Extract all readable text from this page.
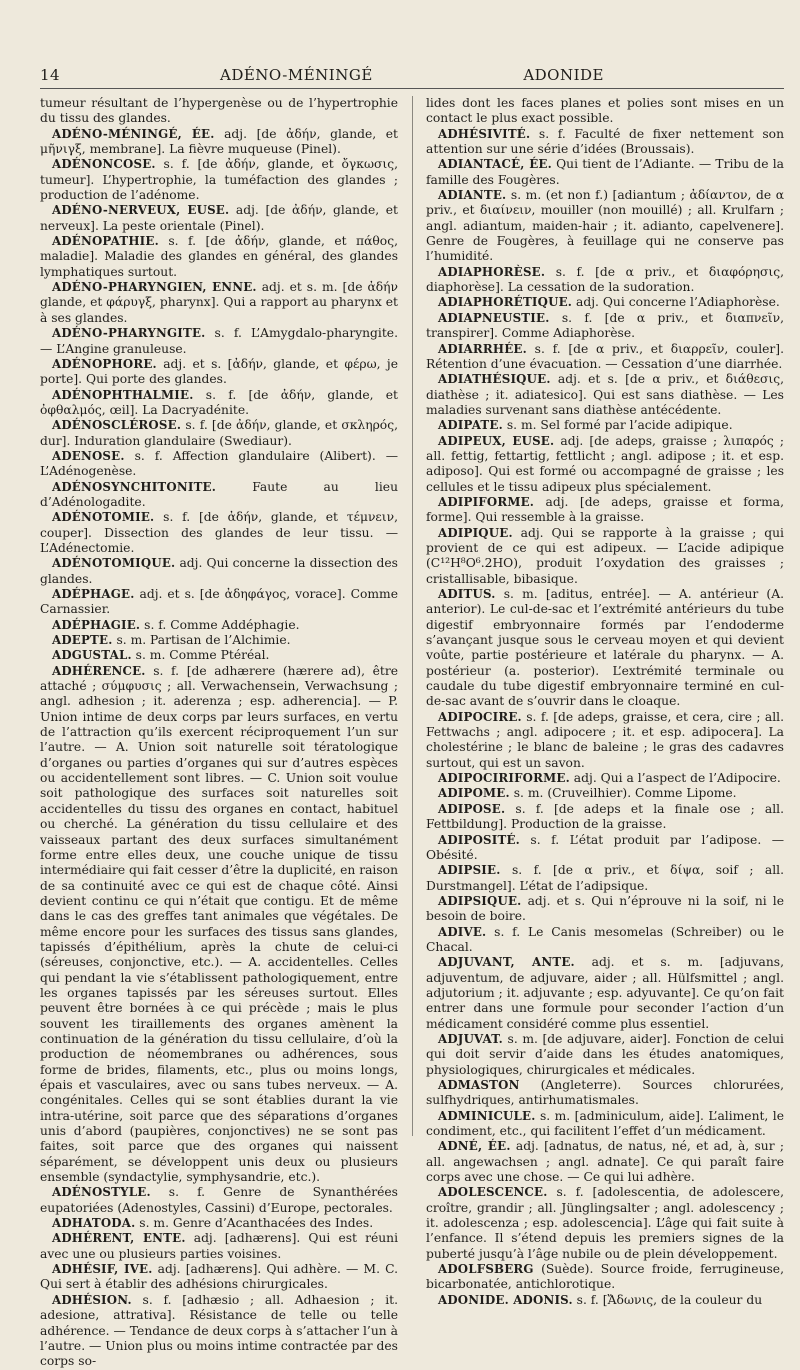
14	ADÉNO-MÉNINGÉ	ADONIDE

tumeur résultant de l’hypergenèse ou de l’hypertrophie du tissu des glandes.

ADÉNO-MÉNINGÉ, ÉE. adj. [de ἀδήν, glande, et μῆνιγξ, membrane]. La fièvre muqueuse (Pinel).

ADÉNONCOSE. s. f. [de ἀδήν, glande, et ὄγκωσις, tumeur]. L’hypertrophie, la tuméfaction des glandes ; production de l’adénome.

ADÉNO-NERVEUX, EUSE. adj. [de ἀδήν, glande, et nerveux]. La peste orientale (Pinel).

ADÉNOPATHIE. s. f. [de ἀδήν, glande, et πάθος, maladie]. Maladie des glandes en général, des glandes lymphatiques surtout.

ADÉNO-PHARYNGIEN, ENNE. adj. et s. m. [de ἀδήν glande, et φάρυγξ, pharynx]. Qui a rapport au pharynx et à ses glandes.

ADÉNO-PHARYNGITE. s. f. L’Amygdalo-pharyngite. — L’Angine granuleuse.

ADÉNOPHORE. adj. et s. [ἀδήν, glande, et φέρω, je porte]. Qui porte des glandes.

ADÉNOPHTHALMIE. s. f. [de ἀδήν, glande, et ὀφθαλμός, œil]. La Dacryadénite.

ADÉNOSCLÉROSE. s. f. [de ἀδήν, glande, et σκληρός, dur]. Induration glandulaire (Swediaur).

ADENOSE. s. f. Affection glandulaire (Alibert). — L’Adénogenèse.

ADÉNOSYNCHITONITE. Faute au lieu d’Adénologadite.

ADÉNOTOMIE. s. f. [de ἀδήν, glande, et τέμνειν, couper]. Dissection des glandes de leur tissu. — L’Adénectomie.

ADÉNOTOMIQUE. adj. Qui concerne la dissection des glandes.

ADÉPHAGE. adj. et s. [de ἀδηφάγος, vorace]. Comme Carnassier.

ADÉPHAGIE. s. f. Comme Addéphagie.

ADEPTE. s. m. Partisan de l’Alchimie.

ADGUSTAL. s. m. Comme Ptéréal.

ADHÉRENCE. s. f. [de adhærere (hærere ad), être attaché ; σύμφυσις ; all. Verwachensein, Verwachsung ; angl. adhesion ; it. aderenza ; esp. adherencia]. — P. Union intime de deux corps par leurs surfaces, en vertu de l’attraction qu’ils exercent réciproquement l’un sur l’autre. — A. Union soit naturelle soit tératologique d’organes ou parties d’organes qui sur d’autres espèces ou accidentellement sont libres. — C. Union soit voulue soit pathologique des surfaces soit naturelles soit accidentelles du tissu des organes en contact, habituel ou cherché. La génération du tissu cellulaire et des vaisseaux partant des deux surfaces simultanément forme entre elles deux, une couche unique de tissu intermédiaire qui fait cesser d’être la duplicité, en raison de sa continuité avec ce qui est de chaque côté. Ainsi devient continu ce qui n’était que contigu. Et de même dans le cas des greffes tant animales que végétales. De même encore pour les surfaces des tissus sans glandes, tapissés d’épithélium, après la chute de celui-ci (séreuses, conjonctive, etc.). — A. accidentelles. Celles qui pendant la vie s’établissent pathologiquement, entre les organes tapissés par les séreuses surtout. Elles peuvent être bornées à ce qui précède ; mais le plus souvent les tiraillements des organes amènent la continuation de la génération du tissu cellulaire, d’où la production de néomembranes ou adhérences, sous forme de brides, filaments, etc., plus ou moins longs, épais et vasculaires, avec ou sans tubes nerveux. — A. congénitales. Celles qui se sont établies durant la vie intra-utérine, soit parce que des séparations d’organes unis d’abord (paupières, conjonctives) ne se sont pas faites, soit parce que des organes qui naissent séparément, se développent unis deux ou plusieurs ensemble (syndactylie, symphysandrie, etc.).

ADÉNOSTYLE. s. f. Genre de Synanthérées eupatoriées (Adenostyles, Cassini) d’Europe, pectorales.

ADHATODA. s. m. Genre d’Acanthacées des Indes.

ADHÉRENT, ENTE. adj. [adhærens]. Qui est réuni avec une ou plusieurs parties voisines.

ADHÉSIF, IVE. adj. [adhærens]. Qui adhère. — M. C. Qui sert à établir des adhésions chirurgicales.

ADHÉSION. s. f. [adhæsio ; all. Adhaesion ; it. adesione, attrativa]. Résistance de telle ou telle adhérence. — Tendance de deux corps à s’attacher l’un à l’autre. — Union plus ou moins intime contractée par des corps so-

lides dont les faces planes et polies sont mises en un contact le plus exact possible.

ADHÉSIVITÉ. s. f. Faculté de fixer nettement son attention sur une série d’idées (Broussais).

ADIANTACÉ, ÉE. Qui tient de l’Adiante. — Tribu de la famille des Fougères.

ADIANTE. s. m. (et non f.) [adiantum ; ἀδίαντον, de α priv., et διαίνειν, mouiller (non mouillé) ; all. Krulfarn ; angl. adiantum, maiden-hair ; it. adianto, capelvenere]. Genre de Fougères, à feuillage qui ne conserve pas l’humidité.

ADIAPHORÈSE. s. f. [de α priv., et διαφόρησις, diaphorèse]. La cessation de la sudoration.

ADIAPHORÉTIQUE. adj. Qui concerne l’Adiaphorèse.

ADIAPNEUSTIE. s. f. [de α priv., et διαπνεῖν, transpirer]. Comme Adiaphorèse.

ADIARRHÉE. s. f. [de α priv., et διαρρεῖν, couler]. Rétention d’une évacuation. — Cessation d’une diarrhée.

ADIATHÉSIQUE. adj. et s. [de α priv., et διάθεσις, diathèse ; it. adiatesico]. Qui est sans diathèse. — Les maladies survenant sans diathèse antécédente.

ADIPATE. s. m. Sel formé par l’acide adipique.

ADIPEUX, EUSE. adj. [de adeps, graisse ; λιπαρός ; all. fettig, fettartig, fettlicht ; angl. adipose ; it. et esp. adiposo]. Qui est formé ou accompagné de graisse ; les cellules et le tissu adipeux plus spécialement.

ADIPIFORME. adj. [de adeps, graisse et forma, forme]. Qui ressemble à la graisse.

ADIPIQUE. adj. Qui se rapporte à la graisse ; qui provient de ce qui est adipeux. — L’acide adipique (C¹²H⁸O⁶.2HO), produit l’oxydation des graisses ; cristallisable, bibasique.

ADITUS. s. m. [aditus, entrée]. — A. antérieur (A. anterior). Le cul-de-sac et l’extrémité antérieurs du tube digestif embryonnaire formés par l’endoderme s’avançant jusque sous le cerveau moyen et qui devient voûte, partie postérieure et latérale du pharynx. — A. postérieur (a. posterior). L’extrémité terminale ou caudale du tube digestif embryonnaire terminé en cul-de-sac avant de s’ouvrir dans le cloaque.

ADIPOCIRE. s. f. [de adeps, graisse, et cera, cire ; all. Fettwachs ; angl. adipocere ; it. et esp. adipocera]. La cholestérine ; le blanc de baleine ; le gras des cadavres surtout, qui est un savon.

ADIPOCIRIFORME. adj. Qui a l’aspect de l’Adipocire.

ADIPOME. s. m. (Cruveilhier). Comme Lipome.

ADIPOSE. s. f. [de adeps et la finale ose ; all. Fettbildung]. Production de la graisse.

ADIPOSITÉ. s. f. L’état produit par l’adipose. — Obésité.

ADIPSIE. s. f. [de α priv., et δίψα, soif ; all. Durstmangel]. L’état de l’adipsique.

ADIPSIQUE. adj. et s. Qui n’éprouve ni la soif, ni le besoin de boire.

ADIVE. s. f. Le Canis mesomelas (Schreiber) ou le Chacal.

ADJUVANT, ANTE. adj. et s. m. [adjuvans, adjuventum, de adjuvare, aider ; all. Hülfsmittel ; angl. adjutorium ; it. adjuvante ; esp. adyuvante]. Ce qu’on fait entrer dans une formule pour seconder l’action d’un médicament considéré comme plus essentiel.

ADJUVAT. s. m. [de adjuvare, aider]. Fonction de celui qui doit servir d’aide dans les études anatomiques, physiologiques, chirurgicales et médicales.

ADMASTON (Angleterre). Sources chlorurées, sulfhydriques, antirhumatismales.

ADMINICULE. s. m. [adminiculum, aide]. L’aliment, le condiment, etc., qui facilitent l’effet d’un médicament.

ADNÉ, ÉE. adj. [adnatus, de natus, né, et ad, à, sur ; all. angewachsen ; angl. adnate]. Ce qui paraît faire corps avec une chose. — Ce qui lui adhère.

ADOLESCENCE. s. f. [adolescentia, de adolescere, croître, grandir ; all. Jünglingsalter ; angl. adolescency ; it. adolescenza ; esp. adolescencia]. L’âge qui fait suite à l’enfance. Il s’étend depuis les premiers signes de la puberté jusqu’à l’âge nubile ou de plein développement.

ADOLFSBERG (Suède). Source froide, ferrugineuse, bicarbonatée, antichlorotique.

ADONIDE. ADONIS. s. f. [Ἄδωνις, de la couleur du
